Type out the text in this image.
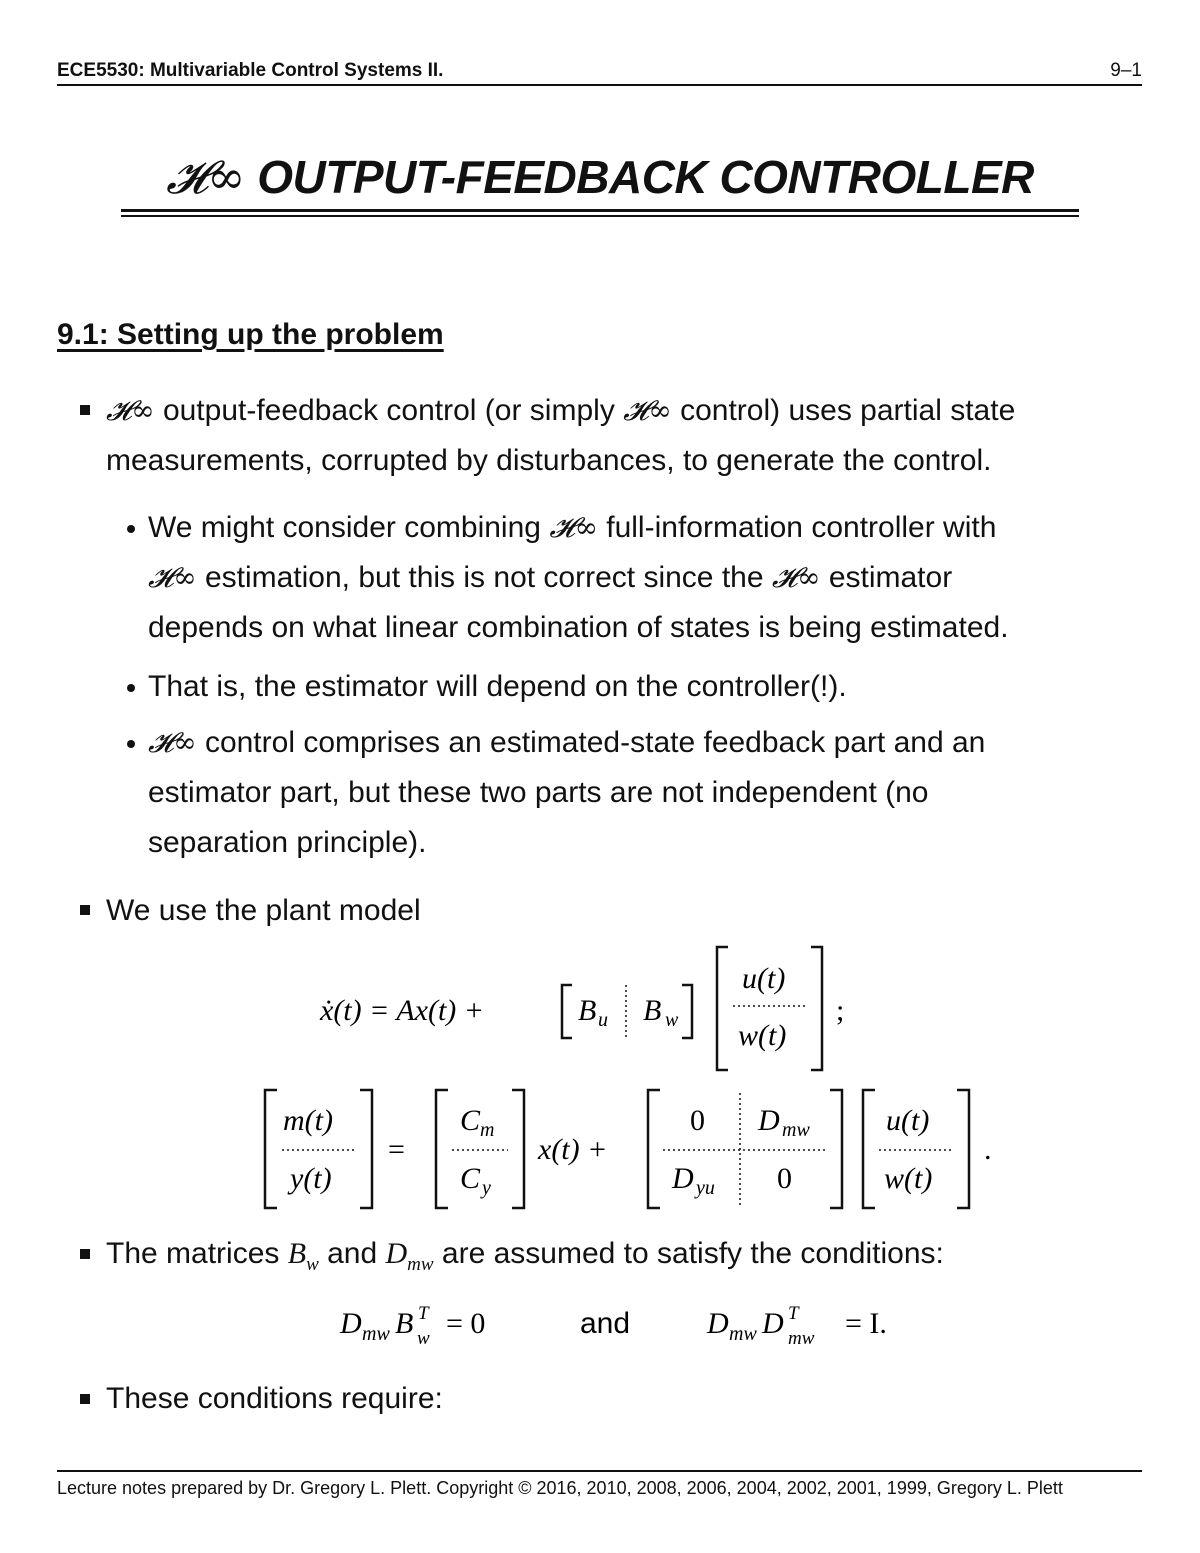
ECE5530: Multivariable Control Systems II.	9–1
𝓗∞ OUTPUT-FEEDBACK CONTROLLER
9.1: Setting up the problem
𝓗∞ output-feedback control (or simply 𝓗∞ control) uses partial state
measurements, corrupted by disturbances, to generate the control.
We might consider combining 𝓗∞ full-information controller with
𝓗∞ estimation, but this is not correct since the 𝓗∞ estimator
depends on what linear combination of states is being estimated.
That is, the estimator will depend on the controller(!).
𝓗∞ control comprises an estimated-state feedback part and an
estimator part, but these two parts are not independent (no
separation principle).
We use the plant model
ẋ(t) = Ax(t) +	B u B w
u(t)
w(t)
;
m(t)
y(t)
=
C m
C y
x(t) +
0 D mw
D yu 0
u(t)
w(t)
.
The matrices $B_w$ and $D_{mw}$ are assumed to satisfy the conditions:
D mw B T
w = 0	and	D mw D T
mw = I.
These conditions require:
Lecture notes prepared by Dr. Gregory L. Plett. Copyright © 2016, 2010, 2008, 2006, 2004, 2002, 2001, 1999, Gregory L. Plett
